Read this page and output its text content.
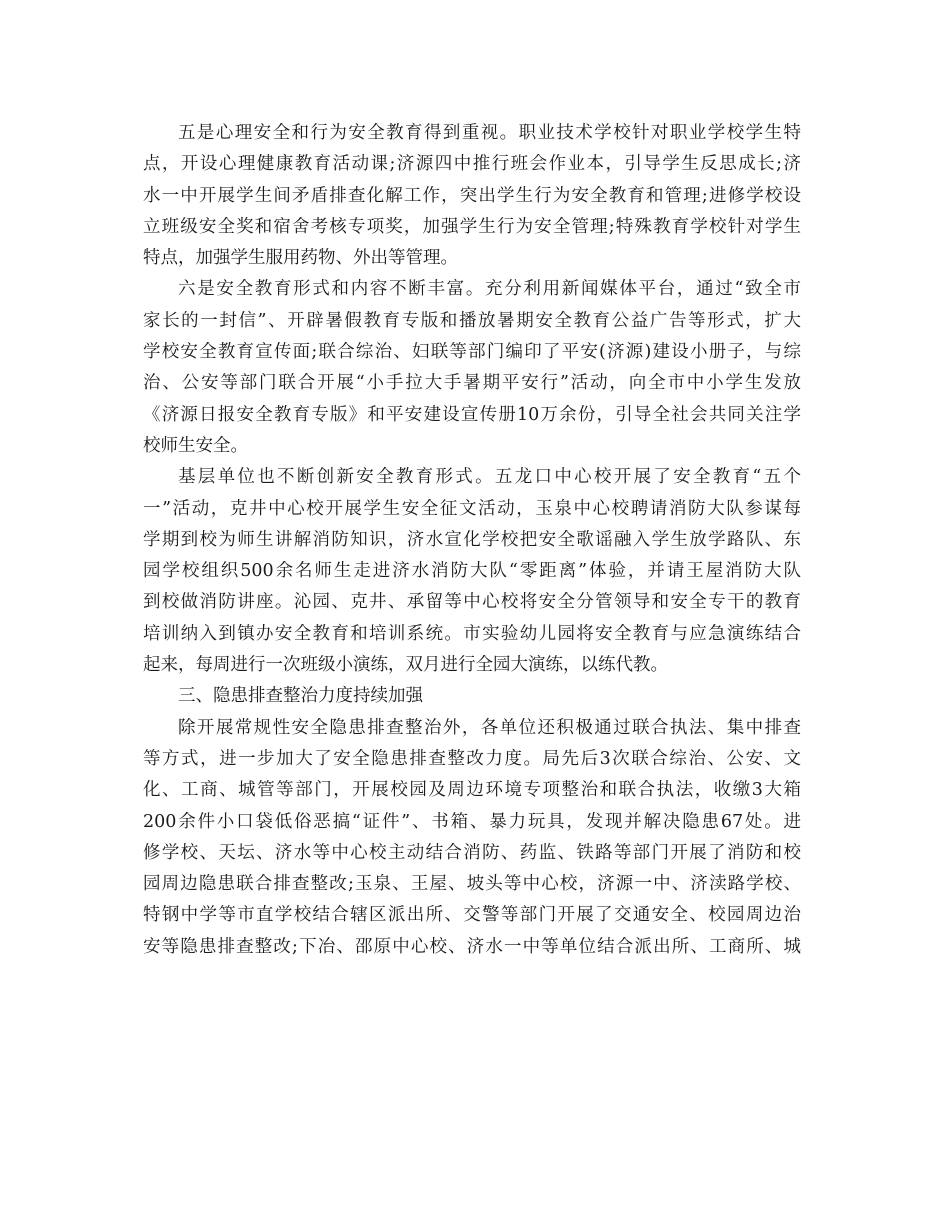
五是心理安全和行为安全教育得到重视。职业技术学校针对职业学校学生特
点，开设心理健康教育活动课;济源四中推行班会作业本，引导学生反思成长;济
水一中开展学生间矛盾排查化解工作，突出学生行为安全教育和管理;进修学校设
立班级安全奖和宿舍考核专项奖，加强学生行为安全管理;特殊教育学校针对学生
特点，加强学生服用药物、外出等管理。
六是安全教育形式和内容不断丰富。充分利用新闻媒体平台，通过“致全市
家长的一封信”、开辟暑假教育专版和播放暑期安全教育公益广告等形式，扩大
学校安全教育宣传面;联合综治、妇联等部门编印了平安(济源)建设小册子，与综
治、公安等部门联合开展“小手拉大手暑期平安行”活动，向全市中小学生发放
《济源日报安全教育专版》和平安建设宣传册10万余份，引导全社会共同关注学
校师生安全。
基层单位也不断创新安全教育形式。五龙口中心校开展了安全教育“五个
一”活动，克井中心校开展学生安全征文活动，玉泉中心校聘请消防大队参谋每
学期到校为师生讲解消防知识，济水宣化学校把安全歌谣融入学生放学路队、东
园学校组织500余名师生走进济水消防大队“零距离”体验，并请王屋消防大队
到校做消防讲座。沁园、克井、承留等中心校将安全分管领导和安全专干的教育
培训纳入到镇办安全教育和培训系统。市实验幼儿园将安全教育与应急演练结合
起来，每周进行一次班级小演练，双月进行全园大演练，以练代教。
三、隐患排查整治力度持续加强
除开展常规性安全隐患排查整治外，各单位还积极通过联合执法、集中排查
等方式，进一步加大了安全隐患排查整改力度。局先后3次联合综治、公安、文
化、工商、城管等部门，开展校园及周边环境专项整治和联合执法，收缴3大箱
200余件小口袋低俗恶搞“证件”、书箱、暴力玩具，发现并解决隐患67处。进
修学校、天坛、济水等中心校主动结合消防、药监、铁路等部门开展了消防和校
园周边隐患联合排查整改;玉泉、王屋、坡头等中心校，济源一中、济渎路学校、
特钢中学等市直学校结合辖区派出所、交警等部门开展了交通安全、校园周边治
安等隐患排查整改;下冶、邵原中心校、济水一中等单位结合派出所、工商所、城
